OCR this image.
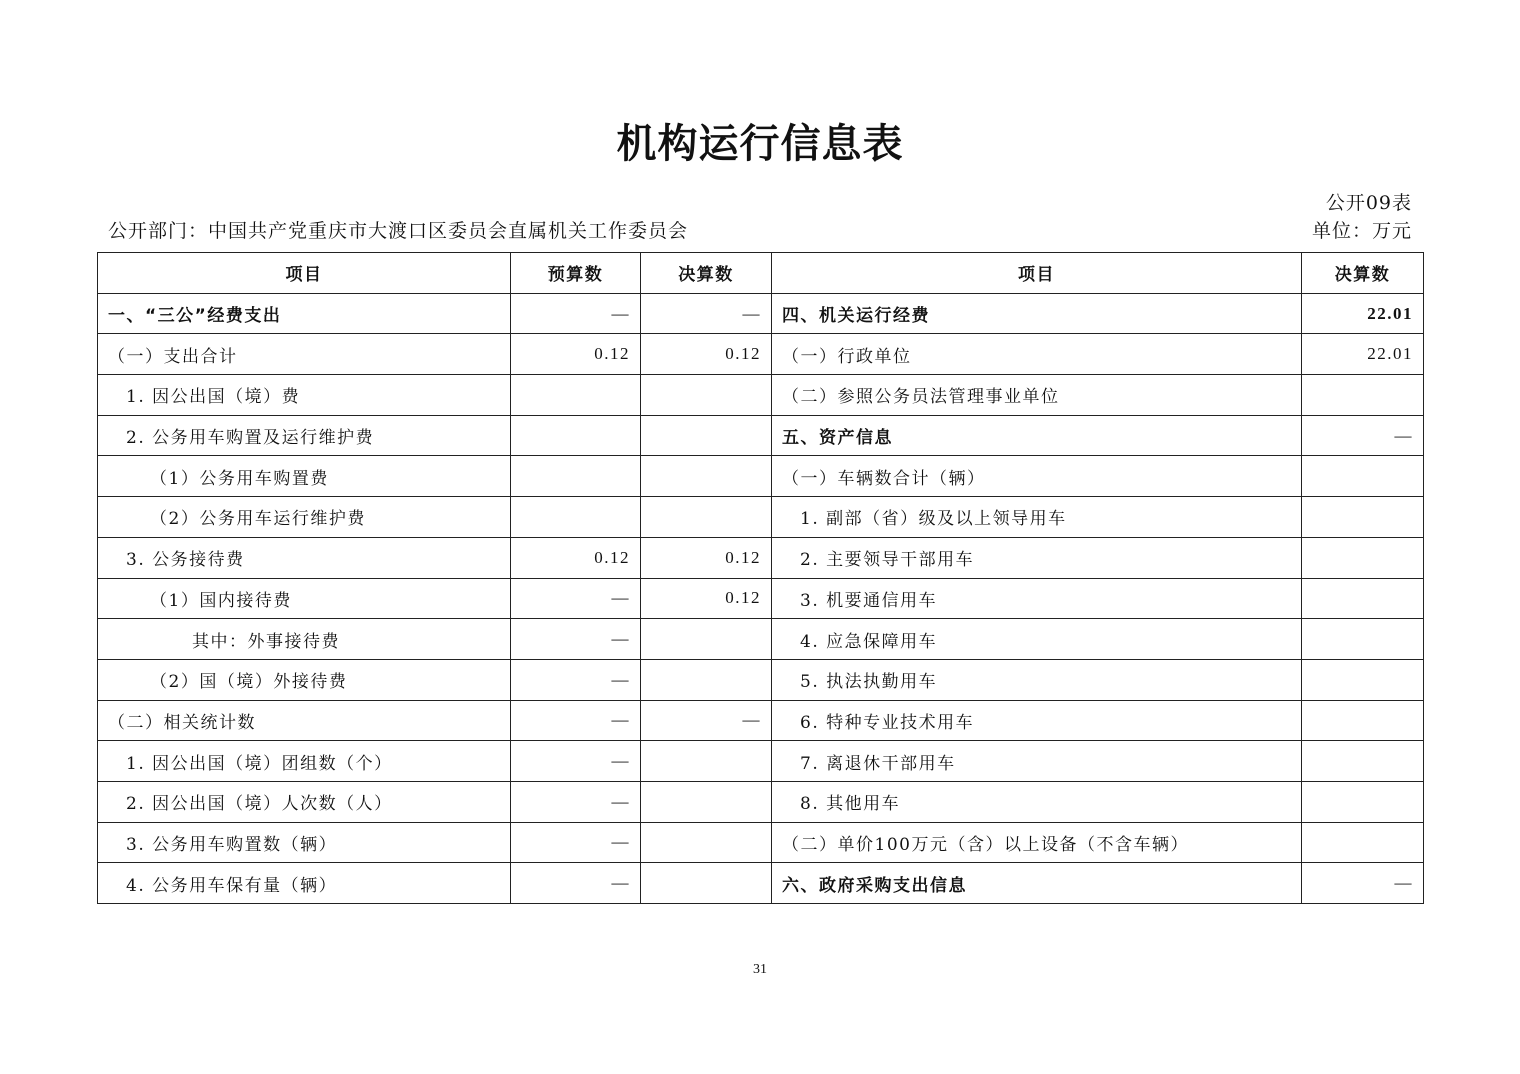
机构运行信息表
公开09表
公开部门：中国共产党重庆市大渡口区委员会直属机关工作委员会	单位：万元
项目	预算数	决算数	项目	决算数
一、“三公”经费支出	—	—	四、机关运行经费	22.01
（一）支出合计	0.12	0.12	（一）行政单位	22.01
1. 因公出国（境）费			（二）参照公务员法管理事业单位	
2. 公务用车购置及运行维护费			五、资产信息	—
（1）公务用车购置费			（一）车辆数合计（辆）	
（2）公务用车运行维护费			1. 副部（省）级及以上领导用车	
3. 公务接待费	0.12	0.12	2. 主要领导干部用车	
（1）国内接待费	—	0.12	3. 机要通信用车	
其中：外事接待费	—		4. 应急保障用车	
（2）国（境）外接待费	—		5. 执法执勤用车	
（二）相关统计数	—	—	6. 特种专业技术用车	
1. 因公出国（境）团组数（个）	—		7. 离退休干部用车	
2. 因公出国（境）人次数（人）	—		8. 其他用车	
3. 公务用车购置数（辆）	—		（二）单价100万元（含）以上设备（不含车辆）	
4. 公务用车保有量（辆）	—		六、政府采购支出信息	—
31
